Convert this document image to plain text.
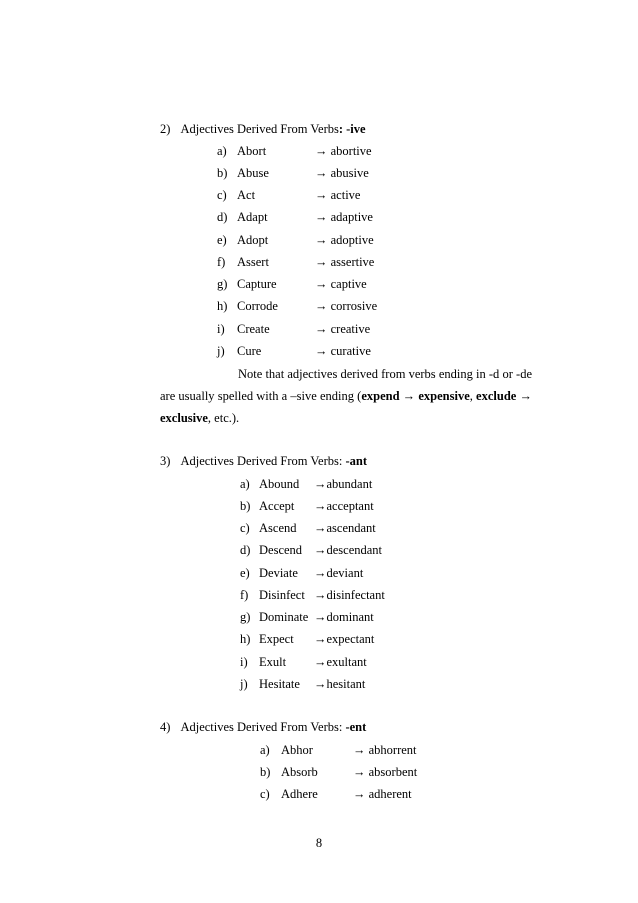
2) Adjectives Derived From Verbs: -ive
a) Abort	→ abortive
b) Abuse	→ abusive
c) Act	→ active
d) Adapt	→ adaptive
e) Adopt	→ adoptive
f) Assert	→ assertive
g) Capture	→ captive
h) Corrode	→ corrosive
i) Create	→ creative
j) Cure	→ curative
Note that adjectives derived from verbs ending in -d or -de are usually spelled with a –sive ending (expend → expensive, exclude → exclusive, etc.).
3) Adjectives Derived From Verbs: -ant
a) Abound →abundant
b) Accept →acceptant
c) Ascend →ascendant
d) Descend →descendant
e) Deviate →deviant
f) Disinfect →disinfectant
g) Dominate →dominant
h) Expect →expectant
i) Exult →exultant
j) Hesitate →hesitant
4) Adjectives Derived From Verbs: -ent
a) Abhor	→ abhorrent
b) Absorb	→ absorbent
c) Adhere	→ adherent
8
